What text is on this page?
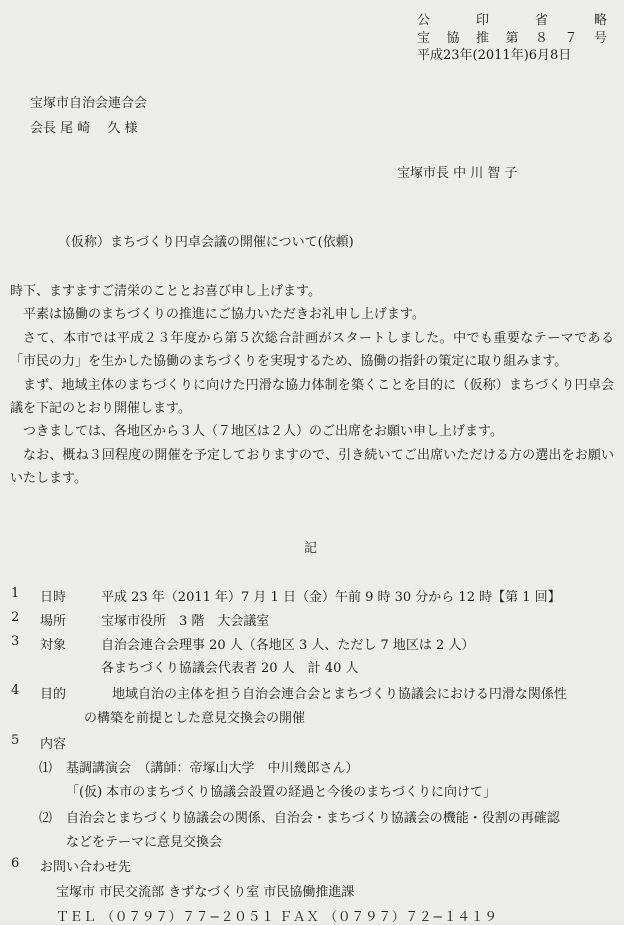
公　印　省　略
宝協推第８７号
平成23年(2011年)6月8日
宝塚市自治会連合会
会長 尾 崎　 久 様
宝塚市長 中 川 智 子
（仮称）まちづくり円卓会議の開催について(依頼)

時下、ますますご清栄のこととお喜び申し上げます。

平素は協働のまちづくりの推進にご協力いただきお礼申し上げます。

さて、本市では平成２３年度から第５次総合計画がスタートしました。中でも重要なテーマである「市民の力」を生かした協働のまちづくりを実現するため、協働の指針の策定に取り組みます。

まず、地域主体のまちづくりに向けた円滑な協力体制を築くことを目的に（仮称）まちづくり円卓会議を下記のとおり開催します。

つきましては、各地区から３人（７地区は２人）のご出席をお願い申し上げます。

なお、概ね３回程度の開催を予定しておりますので、引き続いてご出席いただける方の選出をお願いいたします。

記
1 日時	平成 23 年（2011 年）7 月 1 日（金）午前 9 時 30 分から 12 時【第 1 回】
2 場所	宝塚市役所　3 階　大会議室
3 対象	自治会連合会理事 20 人（各地区 3 人、ただし 7 地区は 2 人）
各まちづくり協議会代表者 20 人　計 40 人
4 目的	地域自治の主体を担う自治会連合会とまちづくり協議会における円滑な関係性
の構築を前提とした意見交換会の開催
5 内容
⑴ 基調講演会　（講師：帝塚山大学　中川幾郎さん）
「(仮) 本市のまちづくり協議会設置の経過と今後のまちづくりに向けて」
⑵ 自治会とまちづくり協議会の関係、自治会・まちづくり協議会の機能・役割の再確認
などをテーマに意見交換会
6 お問い合わせ先
宝塚市 市民交流部 きずなづくり室 市民協働推進課
ＴＥＬ （０７９７）７７−２０５１ ＦＡＸ （０７９７）７２−１４１９
